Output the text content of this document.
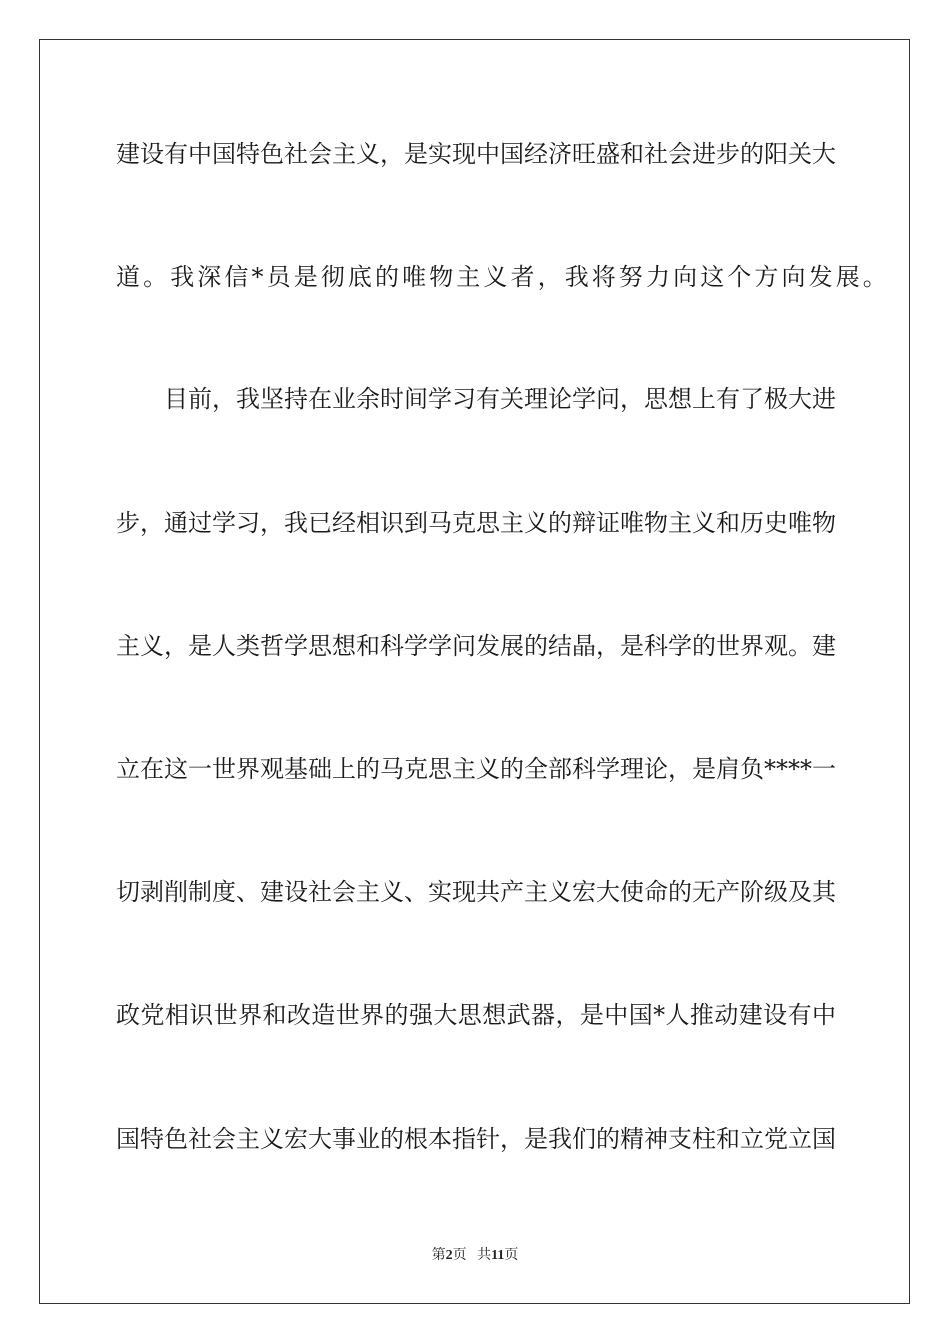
建设有中国特色社会主义，是实现中国经济旺盛和社会进步的阳关大
道。我深信*员是彻底的唯物主义者，我将努力向这个方向发展。
目前，我坚持在业余时间学习有关理论学问，思想上有了极大进
步，通过学习，我已经相识到马克思主义的辩证唯物主义和历史唯物
主义，是人类哲学思想和科学学问发展的结晶，是科学的世界观。建
立在这一世界观基础上的马克思主义的全部科学理论，是肩负****一
切剥削制度、建设社会主义、实现共产主义宏大使命的无产阶级及其
政党相识世界和改造世界的强大思想武器，是中国*人推动建设有中
国特色社会主义宏大事业的根本指针，是我们的精神支柱和立党立国
第2页 共11页
